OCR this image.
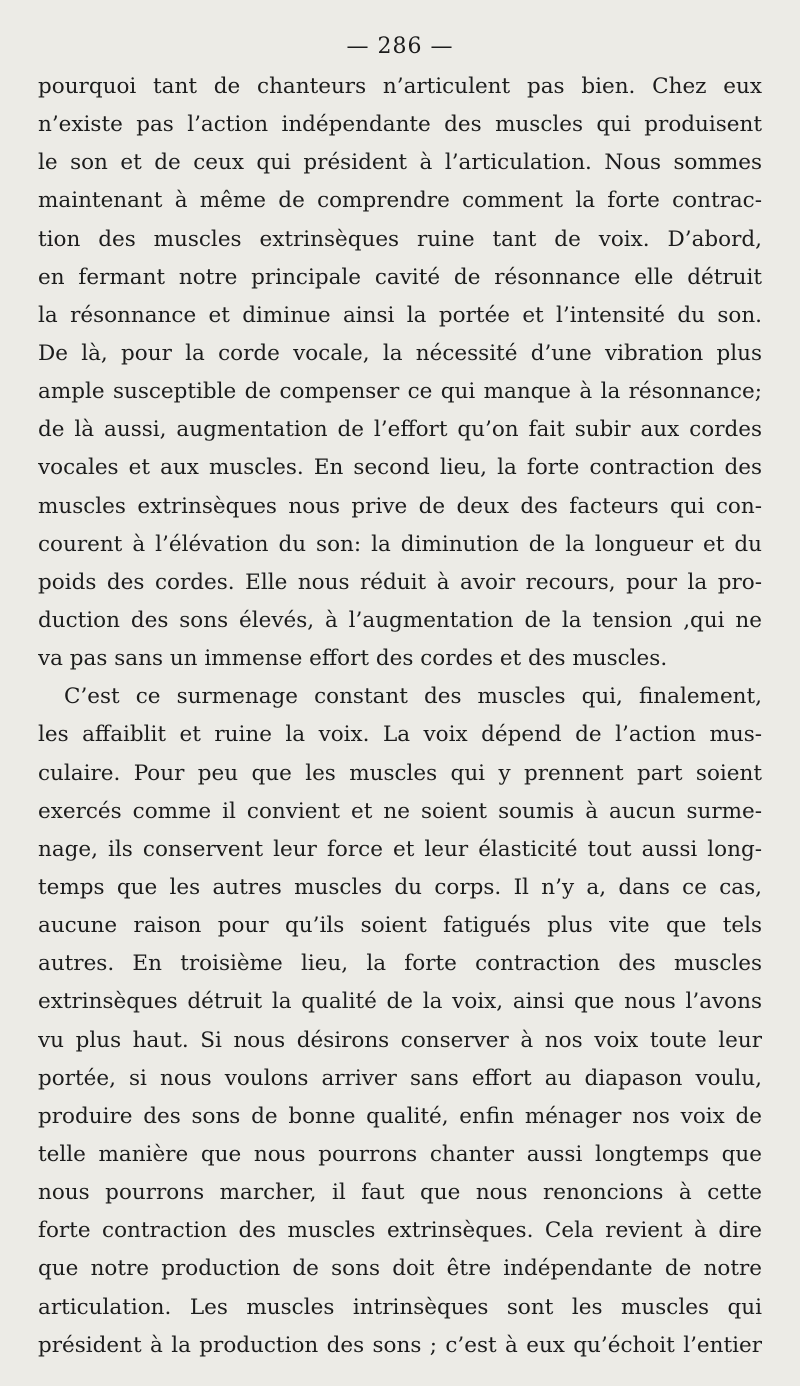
— 286 —
pourquoi tant de chanteurs n’articulent pas bien. Chez eux
n’existe pas l’action indépendante des muscles qui produisent
le son et de ceux qui président à l’articulation. Nous sommes
maintenant à même de comprendre comment la forte contrac-
tion des muscles extrinsèques ruine tant de voix. D’abord,
en fermant notre principale cavité de résonnance elle détruit
la résonnance et diminue ainsi la portée et l’intensité du son.
De là, pour la corde vocale, la nécessité d’une vibration plus
ample susceptible de compenser ce qui manque à la résonnance;
de là aussi, augmentation de l’effort qu’on fait subir aux cordes
vocales et aux muscles. En second lieu, la forte contraction des
muscles extrinsèques nous prive de deux des facteurs qui con-
courent à l’élévation du son: la diminution de la longueur et du
poids des cordes. Elle nous réduit à avoir recours, pour la pro-
duction des sons élevés, à l’augmentation de la tension ,qui ne
va pas sans un immense effort des cordes et des muscles.
C’est ce surmenage constant des muscles qui, finalement,
les affaiblit et ruine la voix. La voix dépend de l’action mus-
culaire. Pour peu que les muscles qui y prennent part soient
exercés comme il convient et ne soient soumis à aucun surme-
nage, ils conservent leur force et leur élasticité tout aussi long-
temps que les autres muscles du corps. Il n’y a, dans ce cas,
aucune raison pour qu’ils soient fatigués plus vite que tels
autres. En troisième lieu, la forte contraction des muscles
extrinsèques détruit la qualité de la voix, ainsi que nous l’avons
vu plus haut. Si nous désirons conserver à nos voix toute leur
portée, si nous voulons arriver sans effort au diapason voulu,
produire des sons de bonne qualité, enfin ménager nos voix de
telle manière que nous pourrons chanter aussi longtemps que
nous pourrons marcher, il faut que nous renoncions à cette
forte contraction des muscles extrinsèques. Cela revient à dire
que notre production de sons doit être indépendante de notre
articulation. Les muscles intrinsèques sont les muscles qui
président à la production des sons ; c’est à eux qu’échoit l’entier
